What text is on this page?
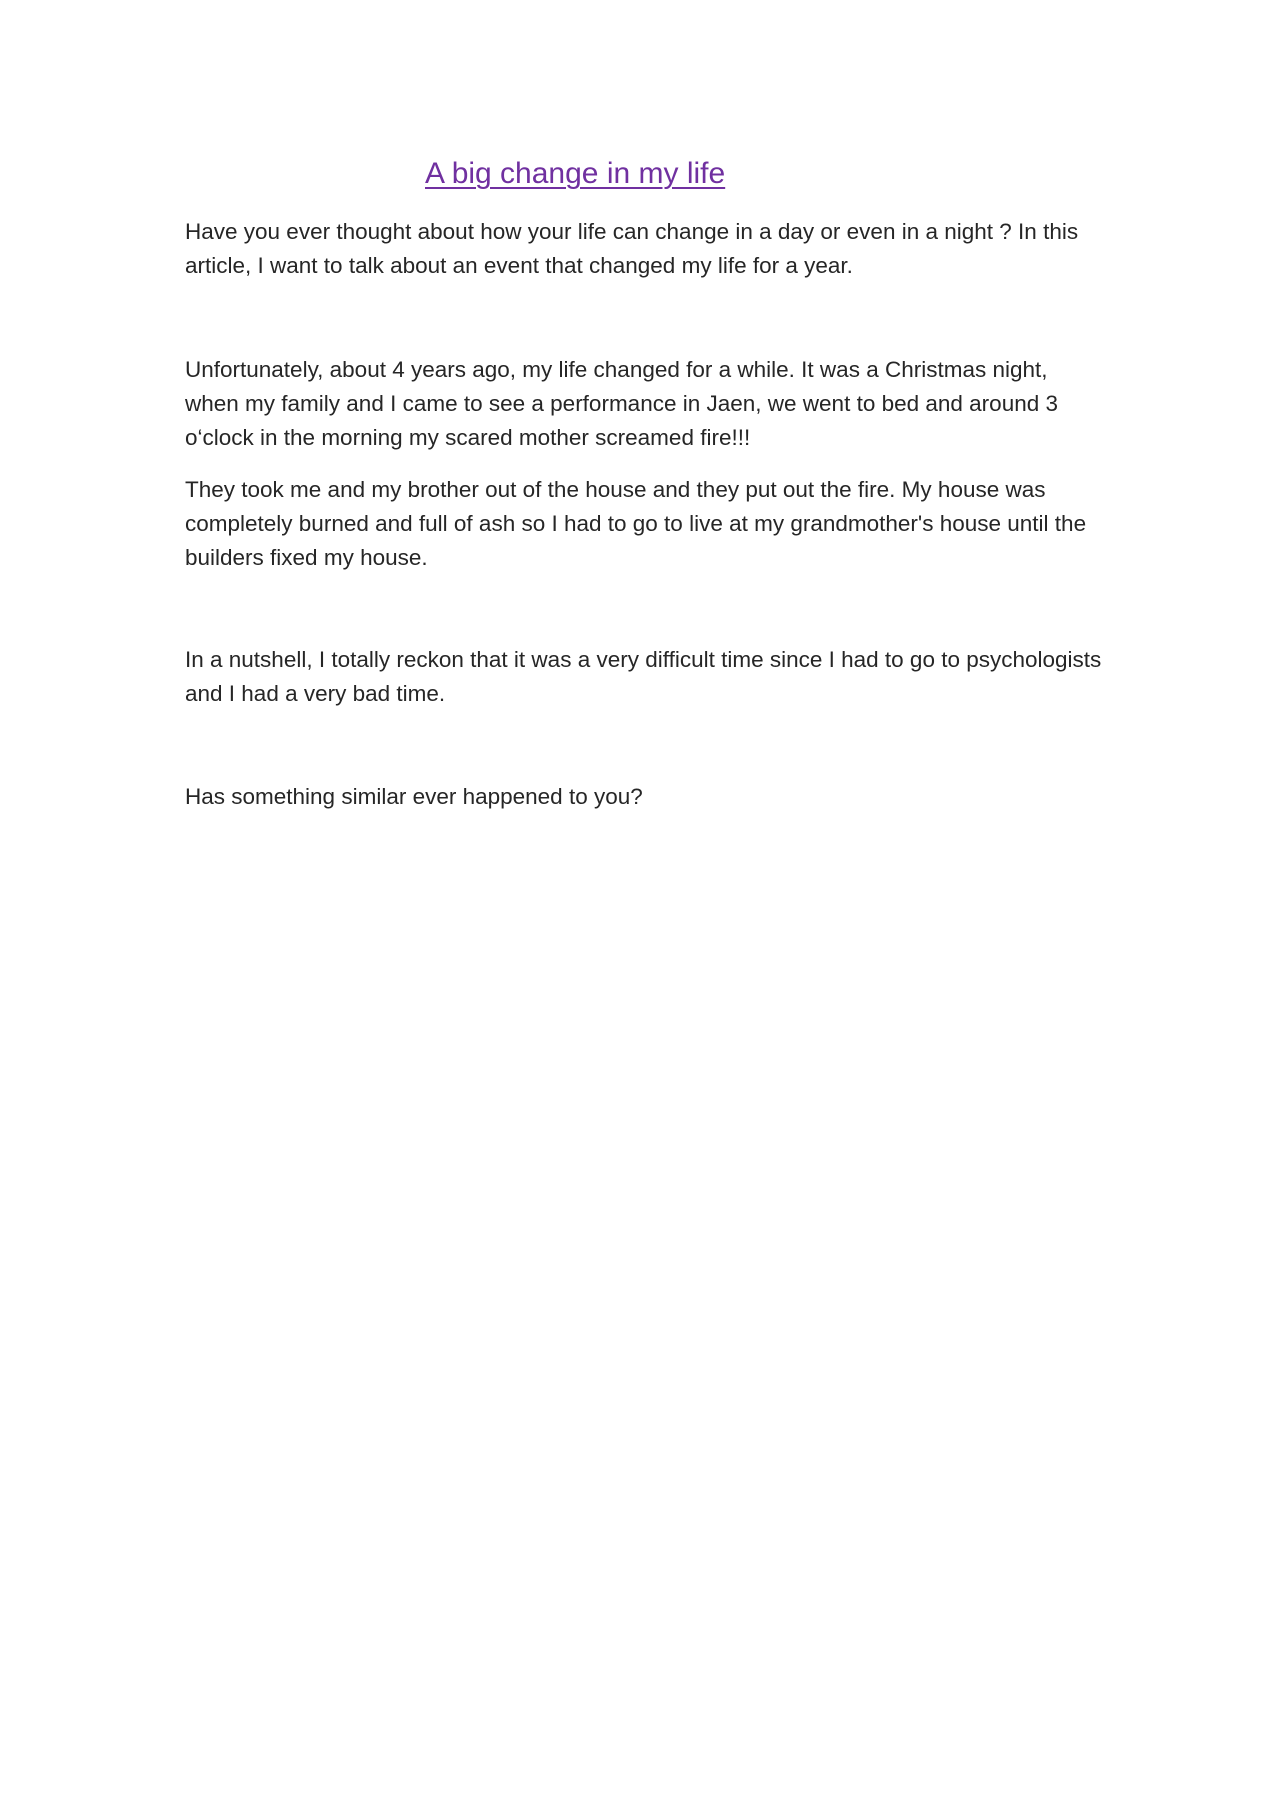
A big change in my life

Have you ever thought about how your life can change in a day or even in a night ? In this article, I want to talk about an event that changed my life for a year.

Unfortunately, about 4 years ago, my life changed for a while. It was a Christmas night, when my family and I came to see a performance in Jaen, we went to bed and around 3 o‘clock in the morning my scared mother screamed fire!!!

They took me and my brother out of the house and they put out the fire. My house was completely burned and full of ash so I had to go to live at my grandmother's house until the builders fixed my house.

In a nutshell, I totally reckon that it was a very difficult time since I had to go to psychologists and I had a very bad time.

Has something similar ever happened to you?
